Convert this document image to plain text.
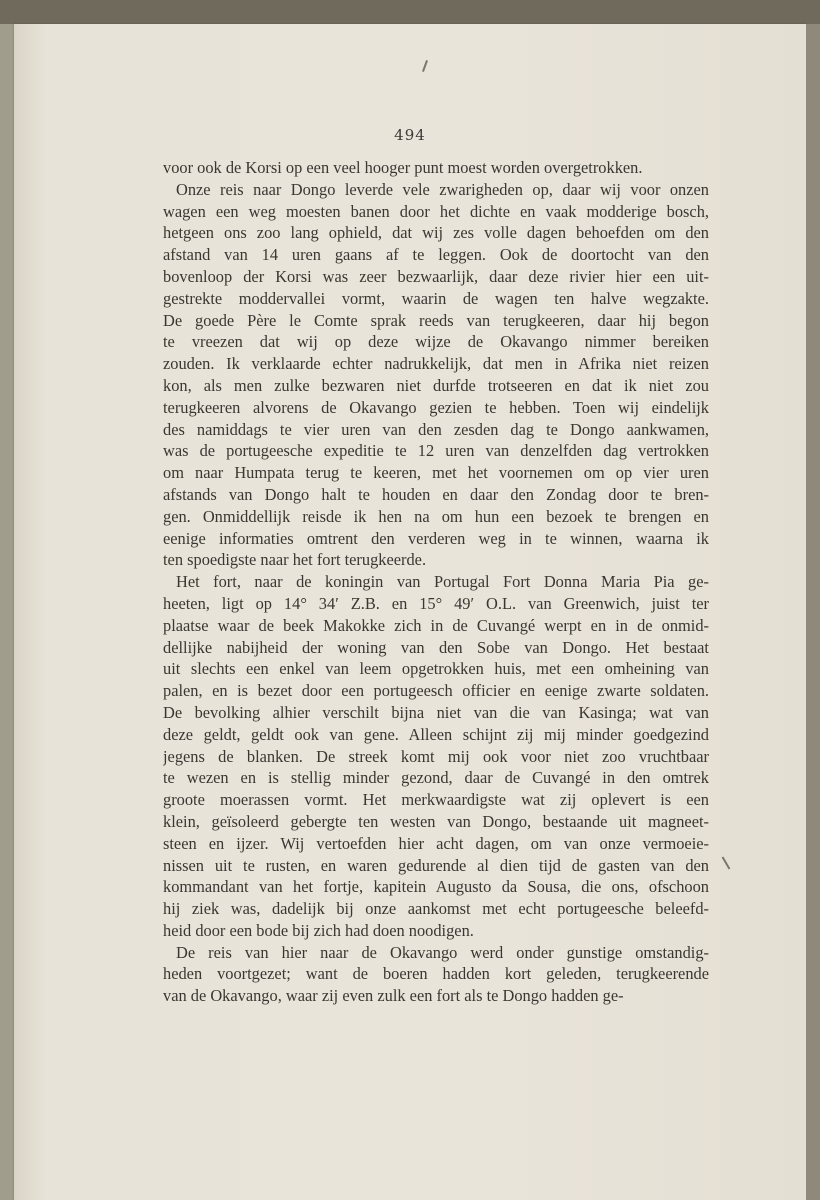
494
voor ook de Korsi op een veel hooger punt moest worden overgetrokken.
Onze reis naar Dongo leverde vele zwarigheden op, daar wij voor onzen
wagen een weg moesten banen door het dichte en vaak modderige bosch,
hetgeen ons zoo lang ophield, dat wij zes volle dagen behoefden om den
afstand van 14 uren gaans af te leggen. Ook de doortocht van den
bovenloop der Korsi was zeer bezwaarlijk, daar deze rivier hier een uit-
gestrekte moddervallei vormt, waarin de wagen ten halve wegzakte.
De goede Père le Comte sprak reeds van terugkeeren, daar hij begon
te vreezen dat wij op deze wijze de Okavango nimmer bereiken
zouden. Ik verklaarde echter nadrukkelijk, dat men in Afrika niet reizen
kon, als men zulke bezwaren niet durfde trotseeren en dat ik niet zou
terugkeeren alvorens de Okavango gezien te hebben. Toen wij eindelijk
des namiddags te vier uren van den zesden dag te Dongo aankwamen,
was de portugeesche expeditie te 12 uren van denzelfden dag vertrokken
om naar Humpata terug te keeren, met het voornemen om op vier uren
afstands van Dongo halt te houden en daar den Zondag door te bren-
gen. Onmiddellijk reisde ik hen na om hun een bezoek te brengen en
eenige informaties omtrent den verderen weg in te winnen, waarna ik
ten spoedigste naar het fort terugkeerde.
Het fort, naar de koningin van Portugal Fort Donna Maria Pia ge-
heeten, ligt op 14° 34′ Z.B. en 15° 49′ O.L. van Greenwich, juist ter
plaatse waar de beek Makokke zich in de Cuvangé werpt en in de onmid-
dellijke nabijheid der woning van den Sobe van Dongo. Het bestaat
uit slechts een enkel van leem opgetrokken huis, met een omheining van
palen, en is bezet door een portugeesch officier en eenige zwarte soldaten.
De bevolking alhier verschilt bijna niet van die van Kasinga; wat van
deze geldt, geldt ook van gene. Alleen schijnt zij mij minder goedgezind
jegens de blanken. De streek komt mij ook voor niet zoo vruchtbaar
te wezen en is stellig minder gezond, daar de Cuvangé in den omtrek
groote moerassen vormt. Het merkwaardigste wat zij oplevert is een
klein, geïsoleerd gebergte ten westen van Dongo, bestaande uit magneet-
steen en ijzer. Wij vertoefden hier acht dagen, om van onze vermoeie-
nissen uit te rusten, en waren gedurende al dien tijd de gasten van den
kommandant van het fortje, kapitein Augusto da Sousa, die ons, ofschoon
hij ziek was, dadelijk bij onze aankomst met echt portugeesche beleefd-
heid door een bode bij zich had doen noodigen.
De reis van hier naar de Okavango werd onder gunstige omstandig-
heden voortgezet; want de boeren hadden kort geleden, terugkeerende
van de Okavango, waar zij even zulk een fort als te Dongo hadden ge-
